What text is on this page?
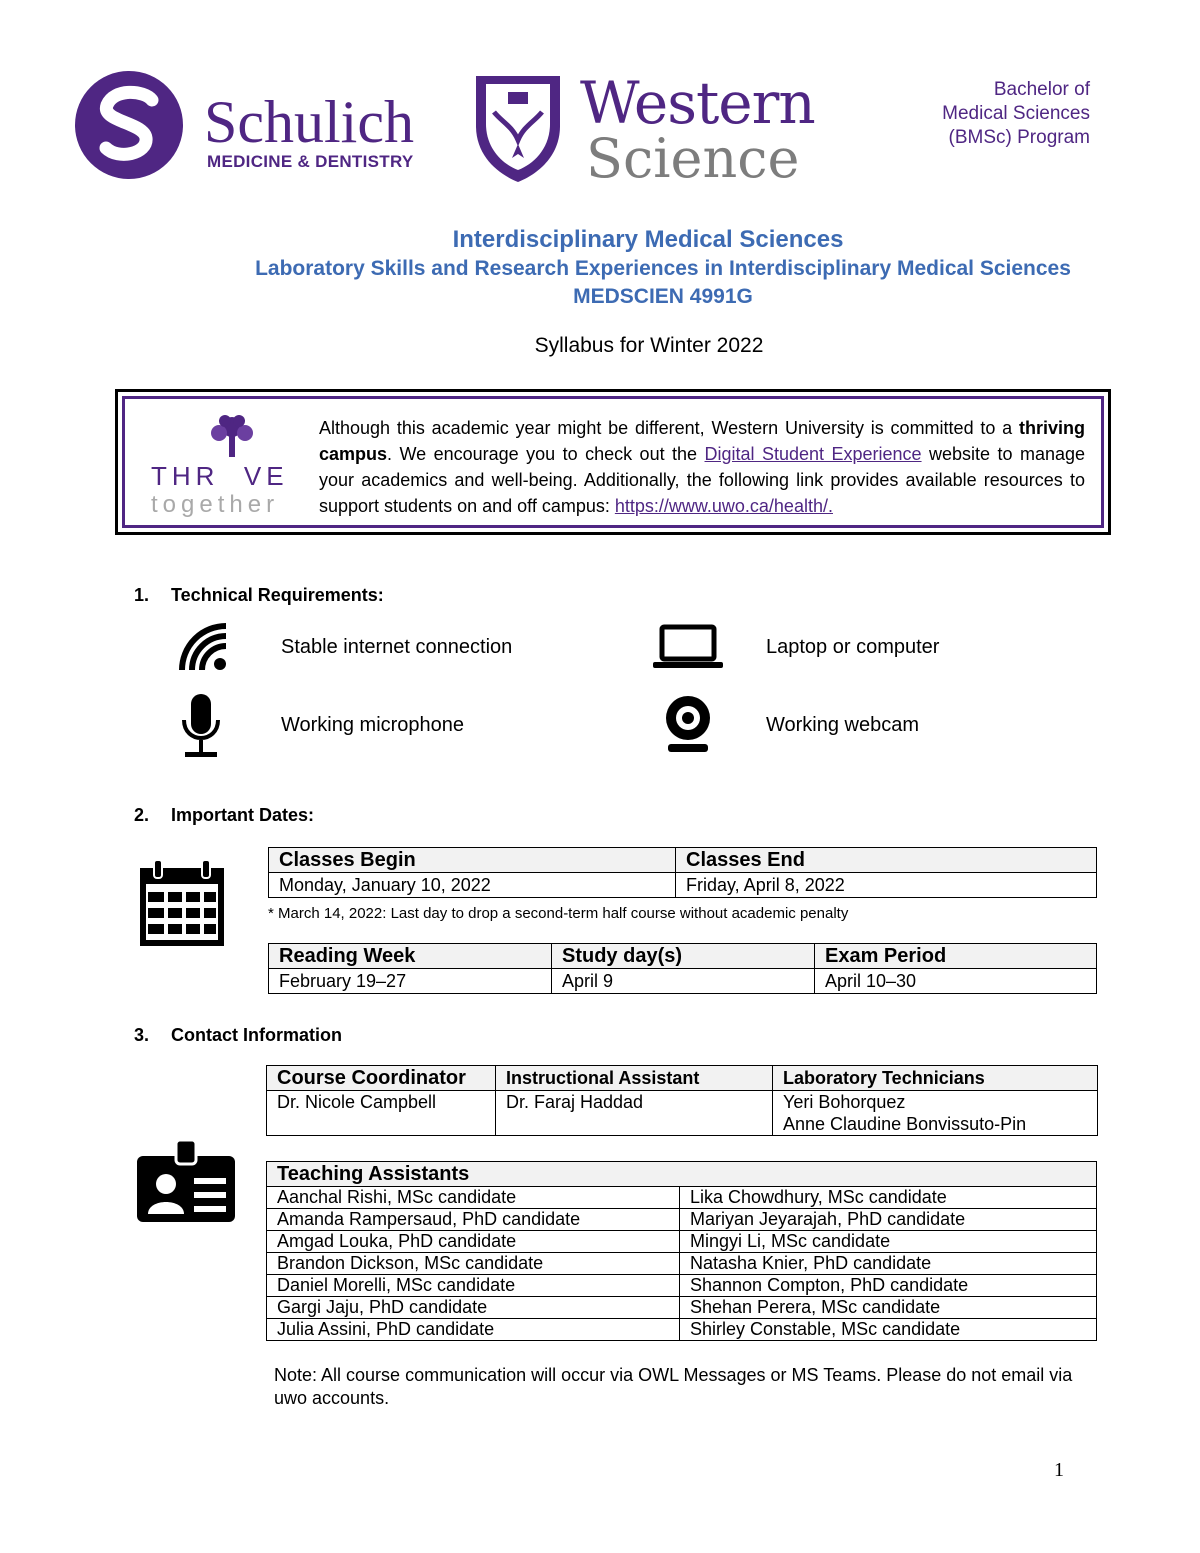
Schulich
MEDICINE & DENTISTRY
Western
Science
Bachelor of
Medical Sciences
(BMSc) Program
Interdisciplinary Medical Sciences
Laboratory Skills and Research Experiences in Interdisciplinary Medical Sciences
MEDSCIEN 4991G
Syllabus for Winter 2022
THR  VE
together
Although this academic year might be different, Western University is committed to a thriving campus. We encourage you to check out the Digital Student Experience website to manage your academics and well-being. Additionally, the following link provides available resources to support students on and off campus: https://www.uwo.ca/health/.
1. Technical Requirements:
Stable internet connection	Laptop or computer
Working microphone	Working webcam
2. Important Dates:
Classes Begin	Classes End
Monday, January 10, 2022	Friday, April 8, 2022
* March 14, 2022: Last day to drop a second-term half course without academic penalty
Reading Week	Study day(s)	Exam Period
February 19–27	April 9	April 10–30
3. Contact Information
Course Coordinator	Instructional Assistant	Laboratory Technicians
Dr. Nicole Campbell	Dr. Faraj Haddad	Yeri Bohorquez
Anne Claudine Bonvissuto-Pin
Teaching Assistants	
Aanchal Rishi, MSc candidate	Lika Chowdhury, MSc candidate
Amanda Rampersaud, PhD candidate	Mariyan Jeyarajah, PhD candidate
Amgad Louka, PhD candidate	Mingyi Li, MSc candidate
Brandon Dickson, MSc candidate	Natasha Knier, PhD candidate
Daniel Morelli, MSc candidate	Shannon Compton, PhD candidate
Gargi Jaju, PhD candidate	Shehan Perera, MSc candidate
Julia Assini, PhD candidate	Shirley Constable, MSc candidate
Note: All course communication will occur via OWL Messages or MS Teams. Please do not email via uwo accounts.
1
